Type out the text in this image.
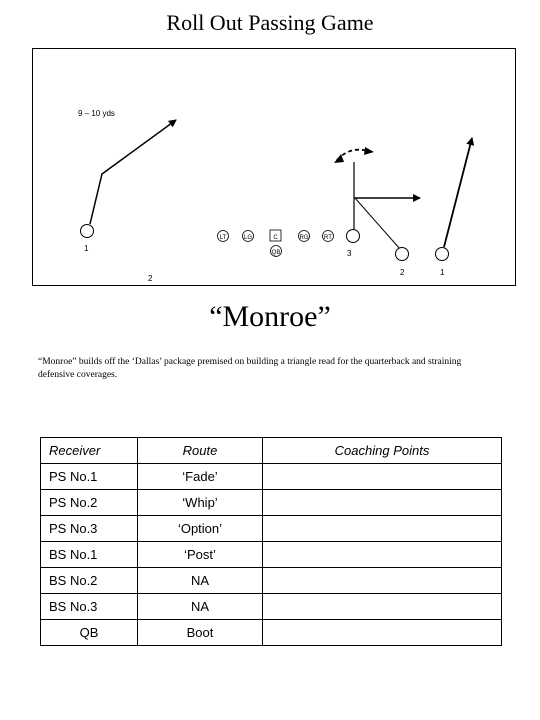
Roll Out Passing Game
9 – 10 yds
1
2
LT	LG	C	RG	RT
QB	3
2	1
“Monroe”
“Monroe” builds off the ‘Dallas’ package premised on building a triangle read for the quarterback and straining defensive coverages.
Receiver	Route	Coaching Points
PS No.1	‘Fade’	
PS No.2	‘Whip’	
PS No.3	‘Option’	
BS No.1	‘Post’	
BS No.2	NA	
BS No.3	NA	
QB	Boot	
